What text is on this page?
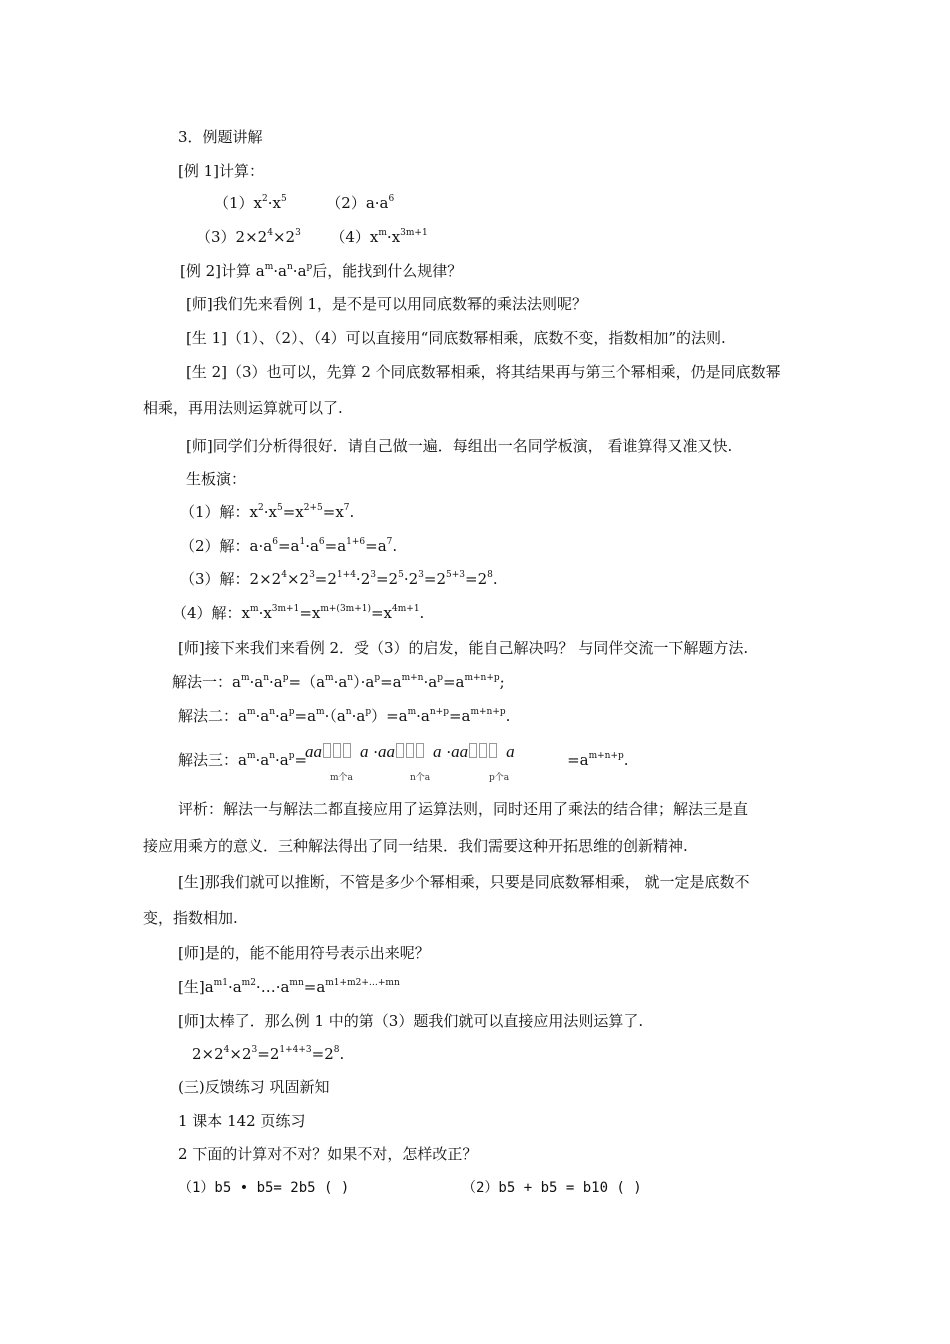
3．例题讲解
[例 1]计算：
$(1)x^2\cdot x^5$	$(2)a\cdot a^6$
$(3)2\times 2^4\times 2^3$ $(4)x^m\cdot x^{3m+1}$
[例 2]计算 $a^m\cdot a^n\cdot a^p$后，能找到什么规律？
[师]我们先来看例 1，是不是可以用同底数幂的乘法法则呢？
[生 1]（1）、（2）、（4）可以直接用“同底数幂相乘，底数不变，指数相加”的法则.
[生 2]（3）也可以，先算 2 个同底数幂相乘，将其结果再与第三个幂相乘，仍是同底数幂
相乘，再用法则运算就可以了.
[师]同学们分析得很好．请自己做一遍．每组出一名同学板演， 看谁算得又准又快.
生板演：
（1）解：$x^2\cdot x^5=x^{2+5}=x^7$.
（2）解：$a\cdot a^6=a^1\cdot a^6=a^{1+6}=a^7$.
（3）解：$2\times 2^4\times 2^3=2^{1+4}\cdot 2^3=2^5\cdot 2^3=2^{5+3}=2^8$.
（4）解：$x^m\cdot x^{3m+1}=x^{m+(3m+1)}=x^{4m+1}$.
[师]接下来我们来看例 2．受（3）的启发，能自己解决吗？ 与同伴交流一下解题方法.
解法一：$a^m\cdot a^n\cdot a^p=(a^m\cdot a^n)\cdot a^p=a^{m+n}\cdot a^p=a^{m+n+p}$;
解法二：$a^m\cdot a^n\cdot a^p=a^m\cdot(a^n\cdot a^p)=a^m\cdot a^{n+p}=a^{m+n+p}$.
解法三：$a^m\cdot a^n\cdot a^p=$	$=a^{m+n+p}$.
aa a ·aa a ·aa a
m个a	n个a	p个a
评析：解法一与解法二都直接应用了运算法则，同时还用了乘法的结合律；解法三是直
接应用乘方的意义．三种解法得出了同一结果．我们需要这种开拓思维的创新精神.
[生]那我们就可以推断，不管是多少个幂相乘，只要是同底数幂相乘， 就一定是底数不
变，指数相加.
[师]是的，能不能用符号表示出来呢？
[生]$a^{m1}\cdot a^{m2}\cdot\dots\cdot a^{mn}=a^{m1+m2+\dots+mn}$
[师]太棒了．那么例 1 中的第（3）题我们就可以直接应用法则运算了.
$2\times 2^4\times 2^3=2^{1+4+3}=2^8$.
(三)反馈练习 巩固新知
1 课本 142 页练习
2 下面的计算对不对？如果不对，怎样改正？
（1）b5 • b5= 2b5 ( )	（2）b5 + b5 = b10 ( )
